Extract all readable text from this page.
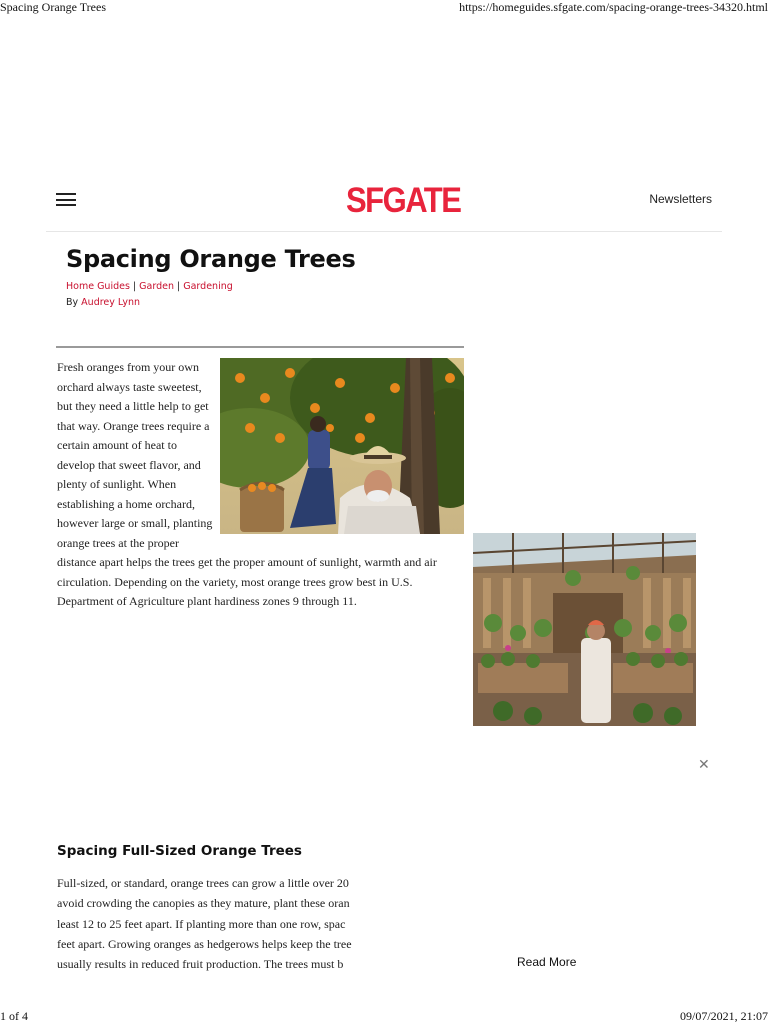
Spacing Orange Trees	https://homeguides.sfgate.com/spacing-orange-trees-34320.html
SFGATE	Newsletters
Spacing Orange Trees
Home Guides | Garden | Gardening
By Audrey Lynn
Fresh oranges from your own orchard always taste sweetest, but they need a little help to get that way. Orange trees require a certain amount of heat to develop that sweet flavor, and plenty of sunlight. When establishing a home orchard, however large or small, planting orange trees at the proper distance apart helps the trees get the proper amount of sunlight, warmth and air circulation. Depending on the variety, most orange trees grow best in U.S. Department of Agriculture plant hardiness zones 9 through 11.
✕
Spacing Full-Sized Orange Trees
Full-sized, or standard, orange trees can grow a little over 20
avoid crowding the canopies as they mature, plant these oran
least 12 to 25 feet apart. If planting more than one row, spac
feet apart. Growing oranges as hedgerows helps keep the tree
usually results in reduced fruit production. The trees must b	Read More
1 of 4	09/07/2021, 21:07
